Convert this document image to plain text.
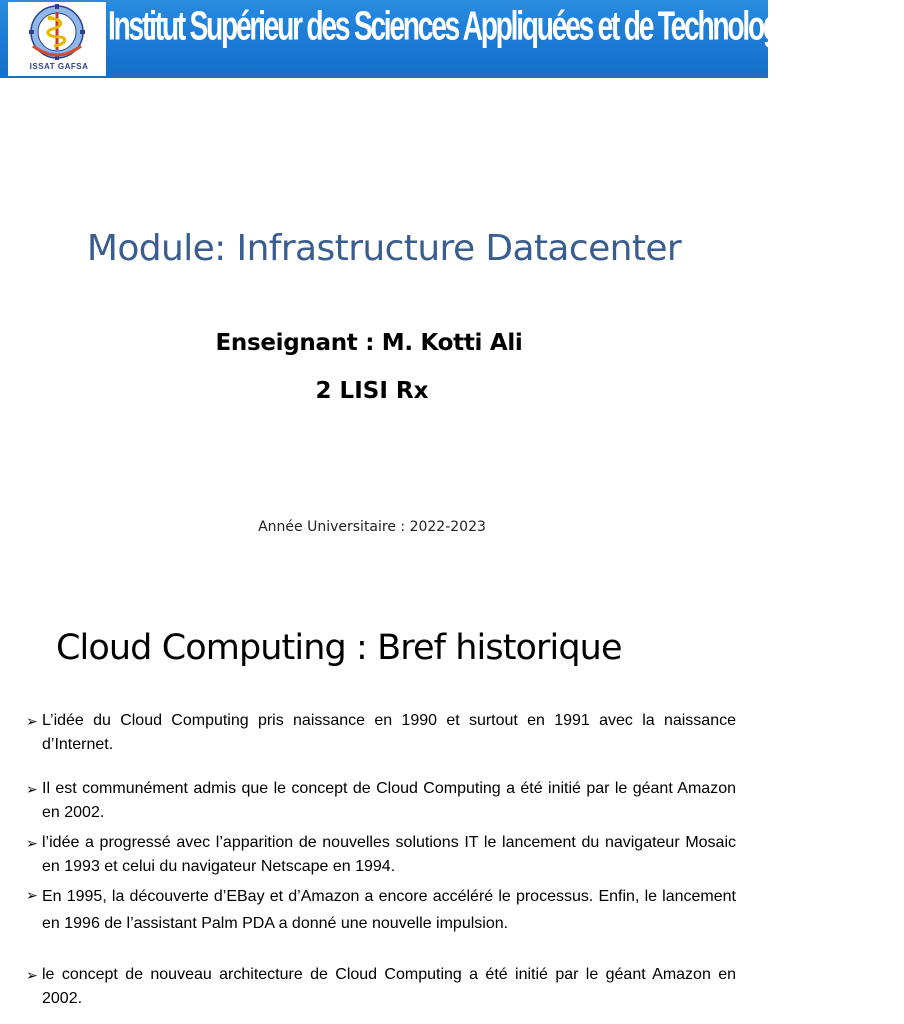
ISSAT GAFSA
Institut Supérieur des Sciences Appliquées et de Technologie de Gafsa
Module: Infrastructure Datacenter
Enseignant : M. Kotti Ali
2 LISI Rx
Année Universitaire : 2022-2023
Cloud Computing : Bref historique
➢ L’idée du Cloud Computing pris naissance en 1990 et surtout en 1991 avec la naissance d’Internet.
➢ Il est communément admis que le concept de Cloud Computing a été initié par le géant Amazon en 2002.
➢ l’idée a progressé avec l’apparition de nouvelles solutions IT le lancement du navigateur Mosaic en 1993 et celui du navigateur Netscape en 1994.
➢ En 1995, la découverte d’EBay et d’Amazon a encore accéléré le processus. Enfin, le lancement en 1996 de l’assistant Palm PDA a donné une nouvelle impulsion.
➢ le concept de nouveau architecture de Cloud Computing a été initié par le géant Amazon en 2002.
